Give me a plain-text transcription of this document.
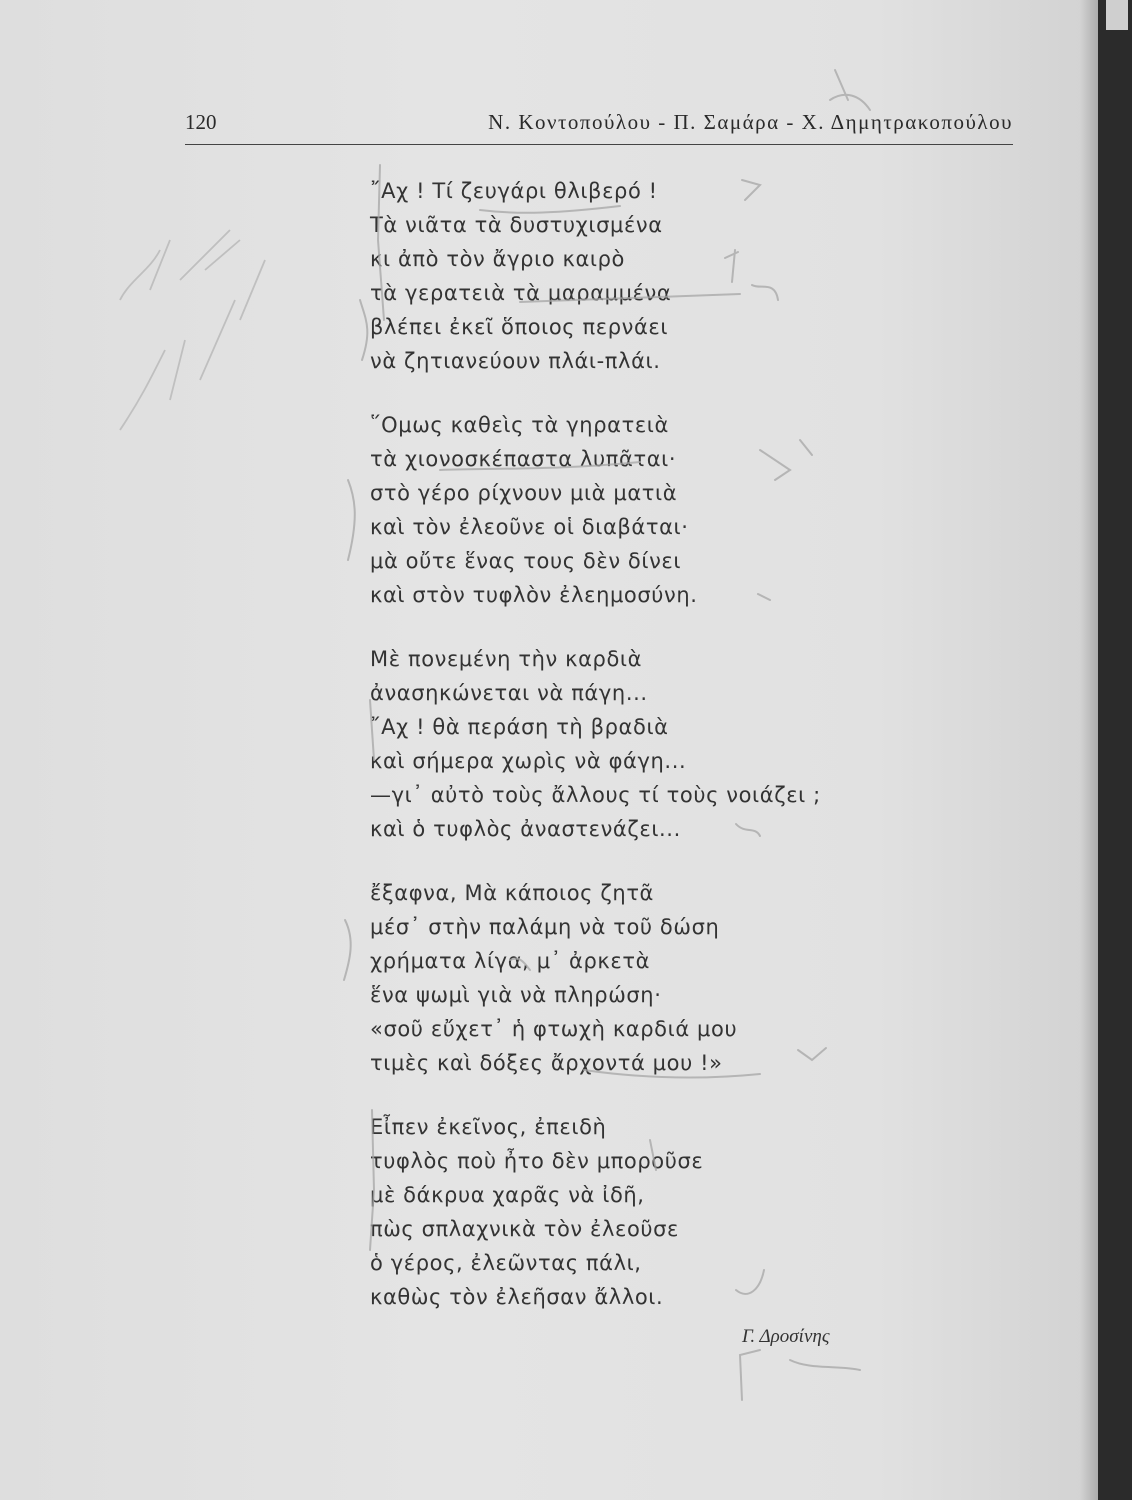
120	Ν. Κοντοπούλου - Π. Σαμάρα - Χ. Δημητρακοπούλου
῎Αχ ! Τί ζευγάρι θλιβερό !
Τὰ νιᾶτα τὰ δυστυχισμένα
κι ἀπὸ τὸν ἄγριο καιρὸ
τὰ γερατειὰ τὰ μαραμμένα
βλέπει ἐκεῖ ὅποιος περνάει
νὰ ζητιανεύουν πλάι-πλάι.
῞Ομως καθεὶς τὰ γηρατειὰ
τὰ χιονοσκέπαστα λυπᾶται·
στὸ γέρο ρίχνουν μιὰ ματιὰ
καὶ τὸν ἐλεοῦνε οἱ διαβάται·
μὰ οὔτε ἕνας τους δὲν δίνει
καὶ στὸν τυφλὸν ἐλεημοσύνη.
Μὲ πονεμένη τὴν καρδιὰ
ἀνασηκώνεται νὰ πάγη...
῎Αχ ! θὰ περάση τὴ βραδιὰ
καὶ σήμερα χωρὶς νὰ φάγη...
—γι᾿ αὐτὸ τοὺς ἄλλους τί τοὺς νοιάζει ;
καὶ ὁ τυφλὸς ἀναστενάζει...
ἔξαφνα, Μὰ κάποιος ζητᾶ
μέσ᾿ στὴν παλάμη νὰ τοῦ δώση
χρήματα λίγα, μ᾿ ἀρκετὰ
ἕνα ψωμὶ γιὰ νὰ πληρώση·
«σοῦ εὔχετ᾿ ἡ φτωχὴ καρδιά μου
τιμὲς καὶ δόξες ἄρχοντά μου !»
Εἶπεν ἐκεῖνος, ἐπειδὴ
τυφλὸς ποὺ ἦτο δὲν μποροῦσε
μὲ δάκρυα χαρᾶς νὰ ἰδῆ,
πὼς σπλαχνικὰ τὸν ἐλεοῦσε
ὁ γέρος, ἐλεῶντας πάλι,
καθὼς τὸν ἐλεῆσαν ἄλλοι.
Γ. Δροσίνης
